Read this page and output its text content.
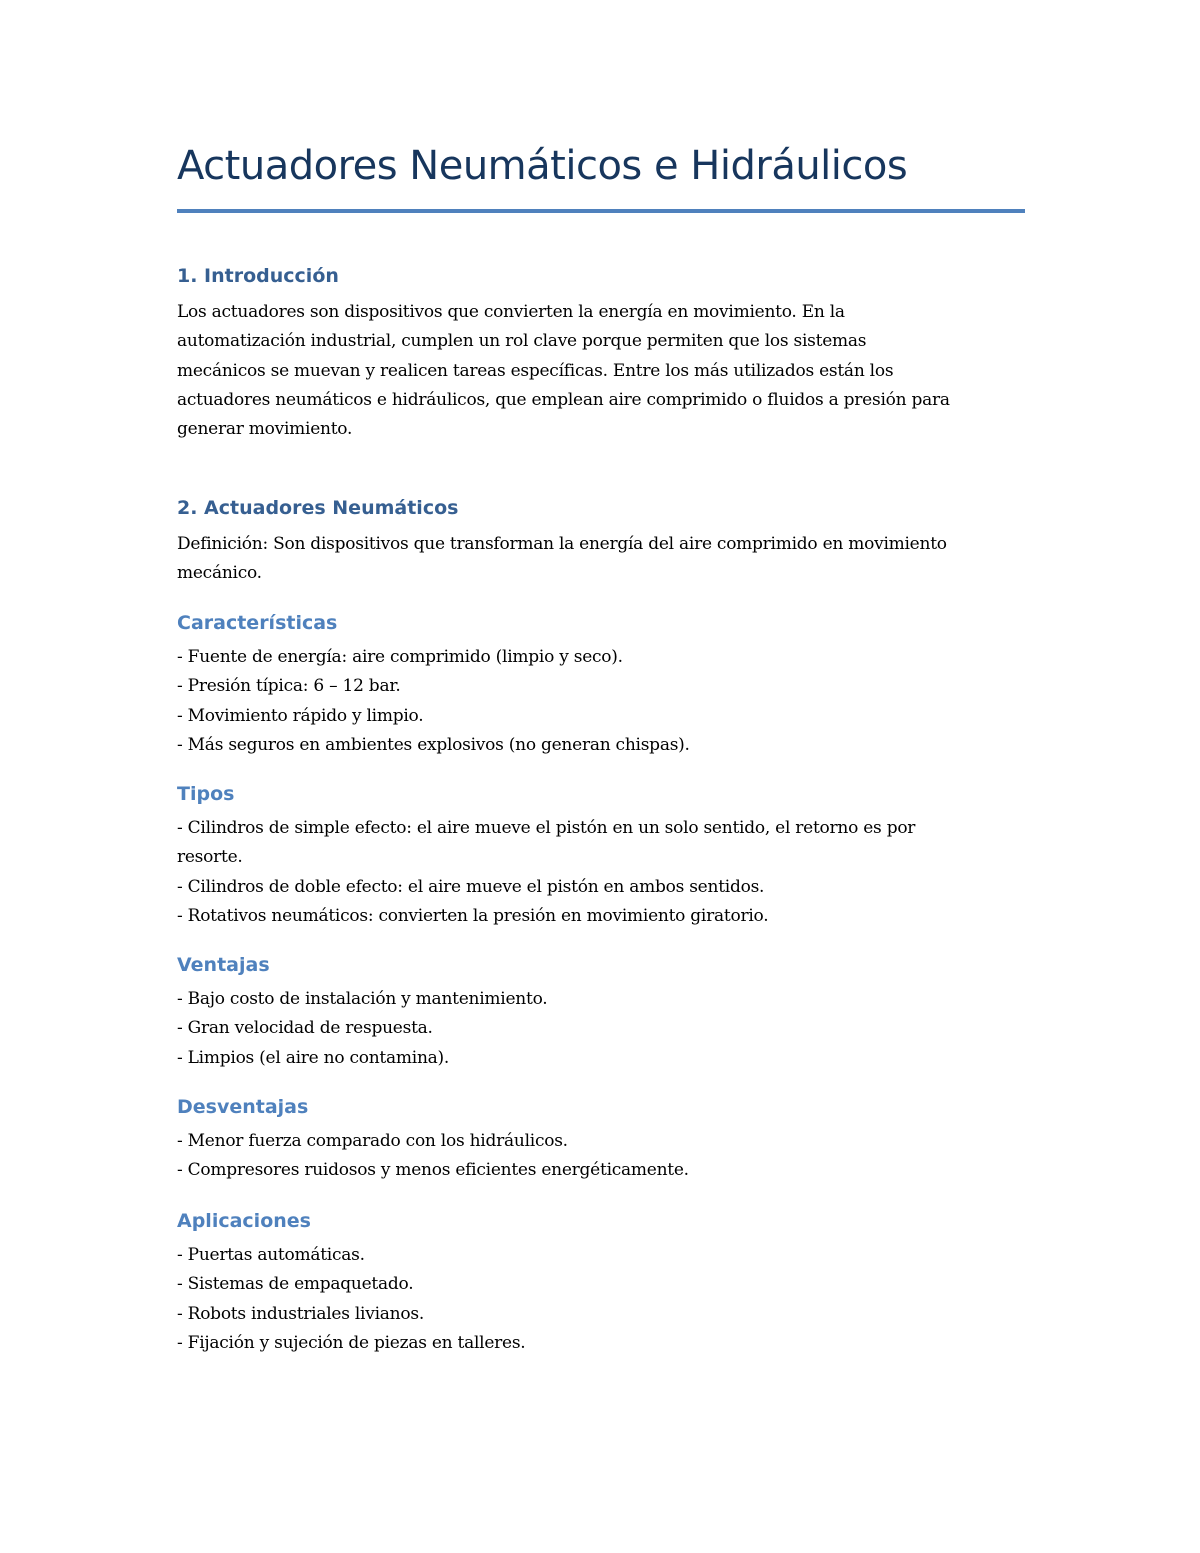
Actuadores Neumáticos e Hidráulicos
1. Introducción
Los actuadores son dispositivos que convierten la energía en movimiento. En la
automatización industrial, cumplen un rol clave porque permiten que los sistemas
mecánicos se muevan y realicen tareas específicas. Entre los más utilizados están los
actuadores neumáticos e hidráulicos, que emplean aire comprimido o fluidos a presión para
generar movimiento.
2. Actuadores Neumáticos
Definición: Son dispositivos que transforman la energía del aire comprimido en movimiento
mecánico.
Características
- Fuente de energía: aire comprimido (limpio y seco).
- Presión típica: 6 – 12 bar.
- Movimiento rápido y limpio.
- Más seguros en ambientes explosivos (no generan chispas).
Tipos
- Cilindros de simple efecto: el aire mueve el pistón en un solo sentido, el retorno es por
resorte.
- Cilindros de doble efecto: el aire mueve el pistón en ambos sentidos.
- Rotativos neumáticos: convierten la presión en movimiento giratorio.
Ventajas
- Bajo costo de instalación y mantenimiento.
- Gran velocidad de respuesta.
- Limpios (el aire no contamina).
Desventajas
- Menor fuerza comparado con los hidráulicos.
- Compresores ruidosos y menos eficientes energéticamente.
Aplicaciones
- Puertas automáticas.
- Sistemas de empaquetado.
- Robots industriales livianos.
- Fijación y sujeción de piezas en talleres.
